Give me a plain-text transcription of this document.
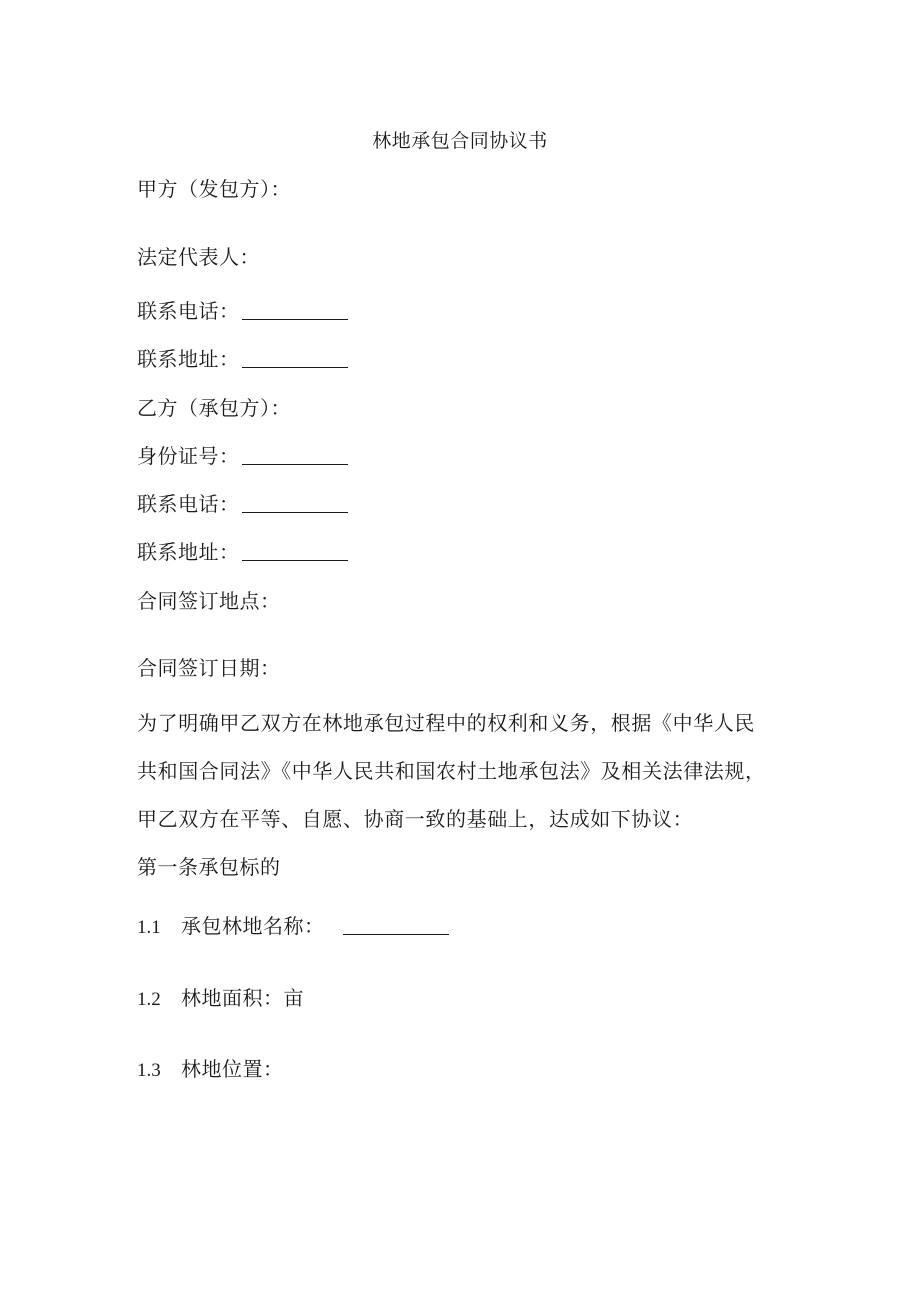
林地承包合同协议书
甲方（发包方）：
法定代表人：
联系电话：
联系地址：
乙方（承包方）：
身份证号：
联系电话：
联系地址：
合同签订地点：
合同签订日期：
为了明确甲乙双方在林地承包过程中的权利和义务，根据《中华人民
共和国合同法》《中华人民共和国农村土地承包法》及相关法律法规，
甲乙双方在平等、自愿、协商一致的基础上，达成如下协议：
第一条承包标的
1.1 承包林地名称：
1.2 林地面积：亩
1.3 林地位置：
